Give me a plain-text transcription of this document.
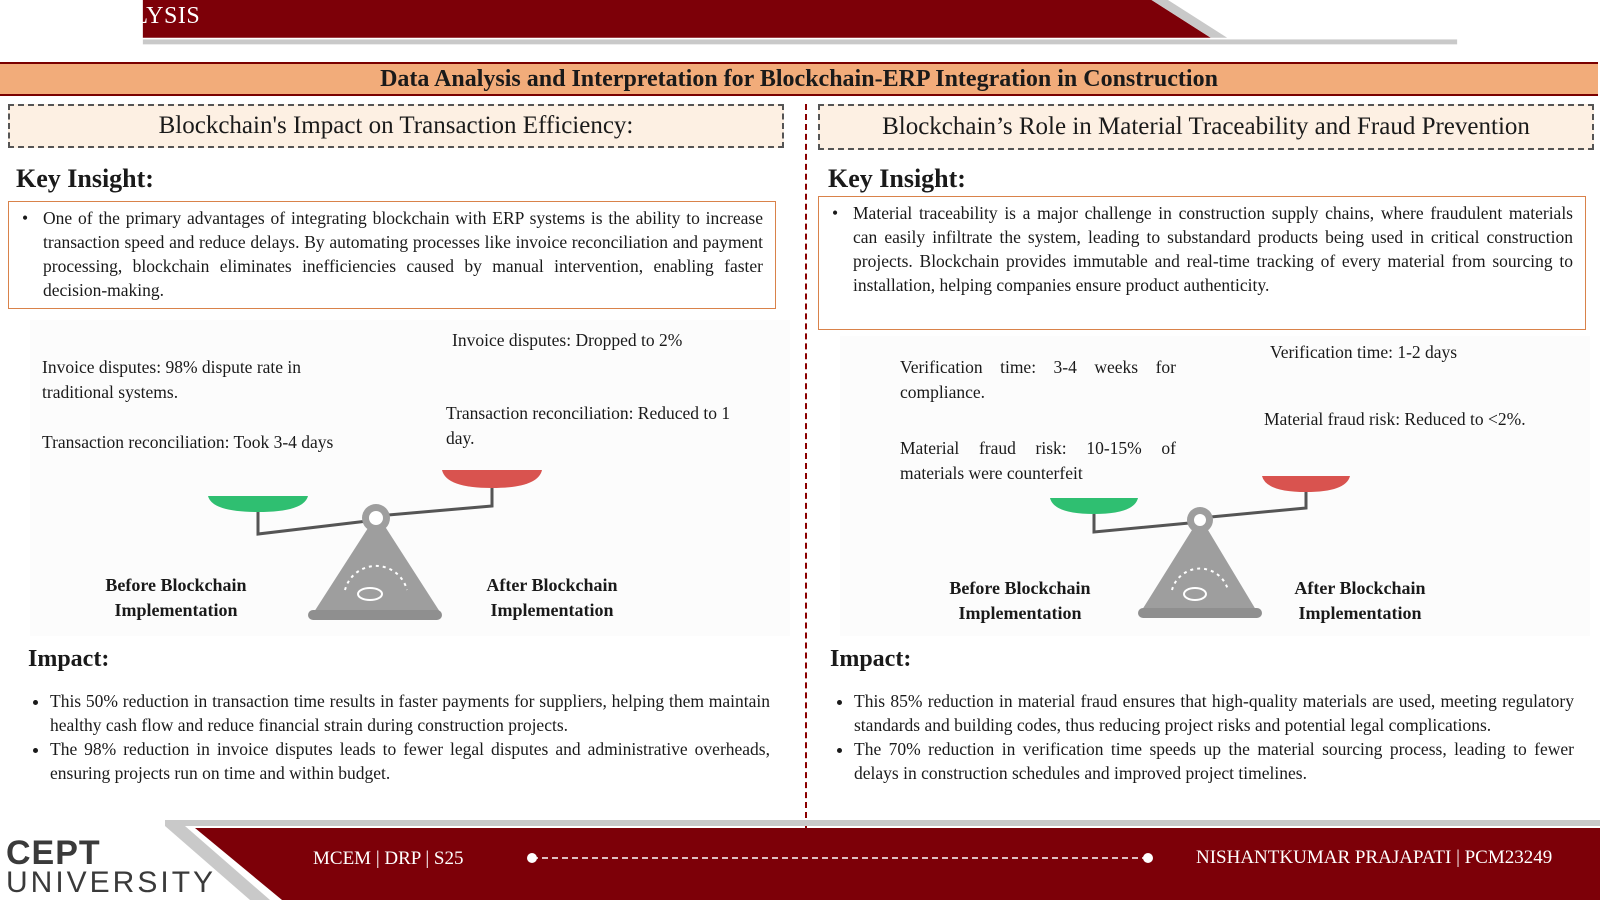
DATA ANALYSIS
Data Analysis and Interpretation for Blockchain-ERP Integration in Construction
Blockchain's Impact on Transaction Efficiency:	Blockchain’s Role in Material Traceability and Fraud Prevention
Key Insight:
• One of the primary advantages of integrating blockchain with ERP systems is the ability to increase transaction speed and reduce delays. By automating processes like invoice reconciliation and payment processing, blockchain eliminates inefficiencies caused by manual intervention, enabling faster decision-making.
Invoice disputes: 98% dispute rate in traditional systems.
Transaction reconciliation: Took 3-4 days
Invoice disputes: Dropped to 2%
Transaction reconciliation: Reduced to 1 day.
Before Blockchain Implementation
After Blockchain Implementation
Impact:
• This 50% reduction in transaction time results in faster payments for suppliers, helping them maintain healthy cash flow and reduce financial strain during construction projects.
• The 98% reduction in invoice disputes leads to fewer legal disputes and administrative overheads, ensuring projects run on time and within budget.
Key Insight:
• Material traceability is a major challenge in construction supply chains, where fraudulent materials can easily infiltrate the system, leading to substandard products being used in critical construction projects. Blockchain provides immutable and real-time tracking of every material from sourcing to installation, helping companies ensure product authenticity.
Verification time: 3-4 weeks for compliance.
Material fraud risk: 10-15% of materials were counterfeit
Verification time: 1-2 days
Material fraud risk: Reduced to <2%.
Before Blockchain Implementation
After Blockchain Implementation
Impact:
• This 85% reduction in material fraud ensures that high-quality materials are used, meeting regulatory standards and building codes, thus reducing project risks and potential legal complications.
• The 70% reduction in verification time speeds up the material sourcing process, leading to fewer delays in construction schedules and improved project timelines.
MCEM | DRP | S25	NISHANTKUMAR PRAJAPATI | PCM23249
CEPT
UNIVERSITY
